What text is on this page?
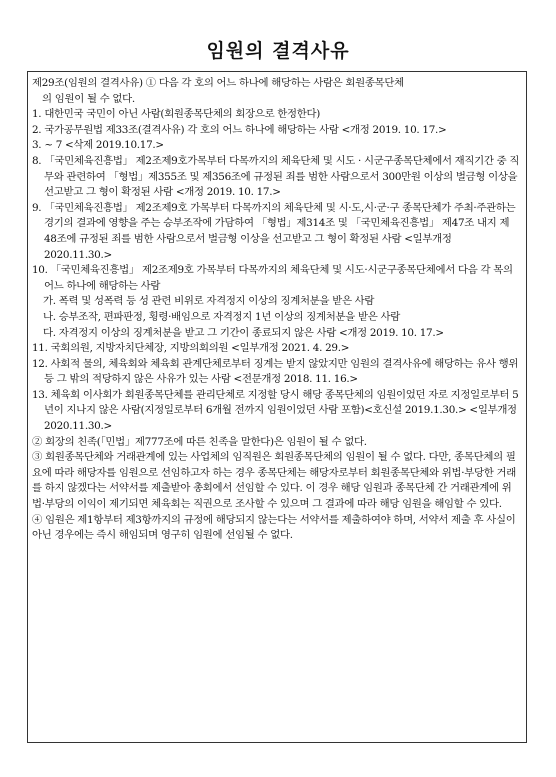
임원의 결격사유

제29조(임원의 결격사유) ① 다음 각 호의 어느 하나에 해당하는 사람은 회원종목단체
의 임원이 될 수 없다.

1. 대한민국 국민이 아닌 사람(회원종목단체의 회장으로 한정한다)

2. 국가공무원법 제33조(결격사유) 각 호의 어느 하나에 해당하는 사람 <개정 2019. 10. 17.>

3. ~ 7 <삭제 2019.10.17.>

8. 「국민체육진흥법」 제2조제9호가목부터 다목까지의 체육단체 및 시도 · 시군구종목단체에서 재직기간 중 직무와 관련하여 「형법」제355조 및 제356조에 규정된 죄를 범한 사람으로서 300만원 이상의 벌금형 이상을 선고받고 그 형이 확정된 사람 <개정 2019. 10. 17.>

9. 「국민체육진흥법」 제2조제9호 가목부터 다목까지의 체육단체 및 시·도,시·군·구 종목단체가 주최·주관하는 경기의 결과에 영향을 주는 승부조작에 가담하여 「형법」제314조 및 「국민체육진흥법」 제47조 내지 제48조에 규정된 죄를 범한 사람으로서 벌금형 이상을 선고받고 그 형이 확정된 사람 <일부개정 2020.11.30.>

10. 「국민체육진흥법」 제2조제9호 가목부터 다목까지의 체육단체 및 시도·시군구종목단체에서 다음 각 목의 어느 하나에 해당하는 사람

가. 폭력 및 성폭력 등 성 관련 비위로 자격정지 이상의 징계처분을 받은 사람

나. 승부조작, 편파판정, 횡령·배임으로 자격정지 1년 이상의 징계처분을 받은 사람

다. 자격정지 이상의 징계처분을 받고 그 기간이 종료되지 않은 사람 <개정 2019. 10. 17.>

11. 국회의원, 지방자치단체장, 지방의회의원 <일부개정 2021. 4. 29.>

12. 사회적 물의, 체육회와 체육회 관계단체로부터 징계는 받지 않았지만 임원의 결격사유에 해당하는 유사 행위 등 그 밖의 적당하지 않은 사유가 있는 사람 <전문개정 2018. 11. 16.>

13. 체육회 이사회가 회원종목단체를 관리단체로 지정할 당시 해당 종목단체의 임원이었던 자로 지정일로부터 5년이 지나지 않은 사람(지정일로부터 6개월 전까지 임원이었던 사람 포함)<호신설 2019.1.30.> <일부개정 2020.11.30.>

② 회장의 친족(「민법」제777조에 따른 친족을 말한다)은 임원이 될 수 없다.

③ 회원종목단체와 거래관계에 있는 사업체의 임직원은 회원종목단체의 임원이 될 수 없다. 다만, 종목단체의 필요에 따라 해당자를 임원으로 선임하고자 하는 경우 종목단체는 해당자로부터 회원종목단체와 위법·부당한 거래를 하지 않겠다는 서약서를 제출받아 총회에서 선임할 수 있다. 이 경우 해당 임원과 종목단체 간 거래관계에 위법·부당의 이익이 제기되면 체육회는 직권으로 조사할 수 있으며 그 결과에 따라 해당 임원을 해임할 수 있다.

④ 임원은 제1항부터 제3항까지의 규정에 해당되지 않는다는 서약서를 제출하여야 하며, 서약서 제출 후 사실이 아닌 경우에는 즉시 해임되며 영구히 임원에 선임될 수 없다.
